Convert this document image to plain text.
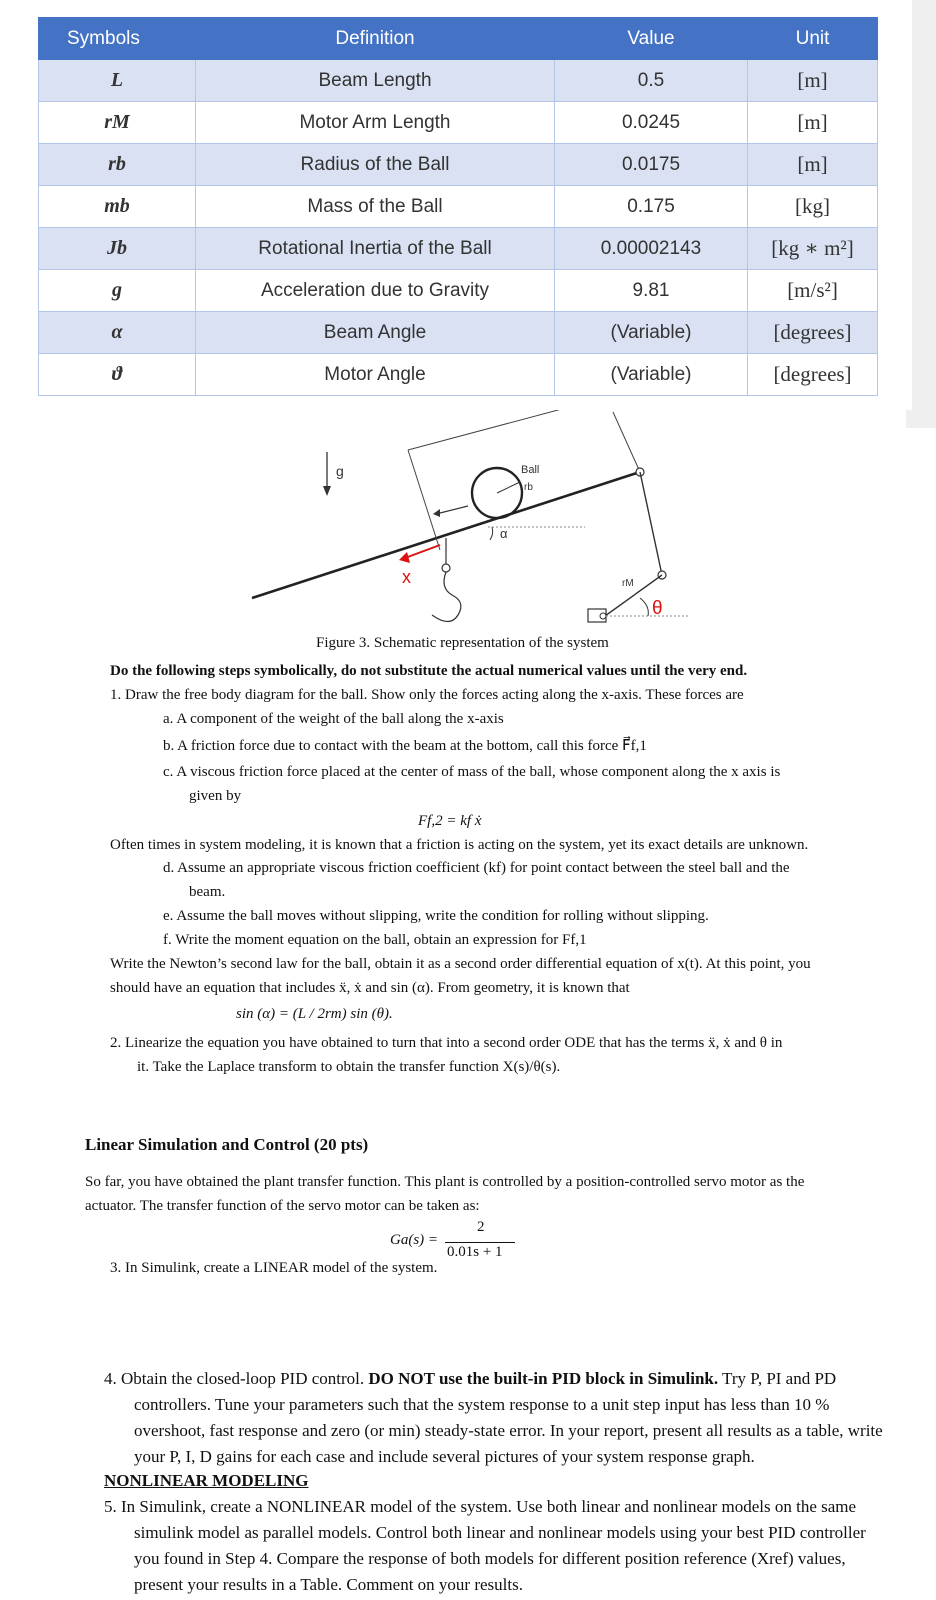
Symbols	Definition	Value	Unit
L	Beam Length	0.5	[m]
rM	Motor Arm Length	0.0245	[m]
rb	Radius of the Ball	0.0175	[m]
mb	Mass of the Ball	0.175	[kg]
Jb	Rotational Inertia of the Ball	0.00002143	[kg ∗ m²]
g	Acceleration due to Gravity	9.81	[m/s²]
α	Beam Angle	(Variable)	[degrees]
ϑ	Motor Angle	(Variable)	[degrees]
g	Ball
rb
α
x	rM
θ
Figure 3. Schematic representation of the system
Do the following steps symbolically, do not substitute the actual numerical values until the very end.
1. Draw the free body diagram for the ball. Show only the forces acting along the x-axis. These forces are
a. A component of the weight of the ball along the x-axis
b. A friction force due to contact with the beam at the bottom, call this force F⃗f,1
c. A viscous friction force placed at the center of mass of the ball, whose component along the x axis is
given by
Ff,2 = kf ẋ
Often times in system modeling, it is known that a friction is acting on the system, yet its exact details are unknown.
d. Assume an appropriate viscous friction coefficient (kf) for point contact between the steel ball and the
beam.
e. Assume the ball moves without slipping, write the condition for rolling without slipping.
f. Write the moment equation on the ball, obtain an expression for Ff,1
Write the Newton’s second law for the ball, obtain it as a second order differential equation of x(t). At this point, you
should have an equation that includes ẍ, ẋ and sin (α). From geometry, it is known that
sin (α) = (L / 2rm) sin (θ).
2. Linearize the equation you have obtained to turn that into a second order ODE that has the terms ẍ, ẋ and θ in
it. Take the Laplace transform to obtain the transfer function X(s)/θ(s).
Linear Simulation and Control (20 pts)
So far, you have obtained the plant transfer function. This plant is controlled by a position-controlled servo motor as the
actuator. The transfer function of the servo motor can be taken as:
Ga(s) =
2
0.01s + 1
3. In Simulink, create a LINEAR model of the system.
4. Obtain the closed-loop PID control. DO NOT use the built-in PID block in Simulink. Try P, PI and PD
controllers. Tune your parameters such that the system response to a unit step input has less than 10 %
overshoot, fast response and zero (or min) steady-state error. In your report, present all results as a table, write
your P, I, D gains for each case and include several pictures of your system response graph.
NONLINEAR MODELING
5. In Simulink, create a NONLINEAR model of the system. Use both linear and nonlinear models on the same
simulink model as parallel models. Control both linear and nonlinear models using your best PID controller
you found in Step 4. Compare the response of both models for different position reference (Xref) values,
present your results in a Table. Comment on your results.
